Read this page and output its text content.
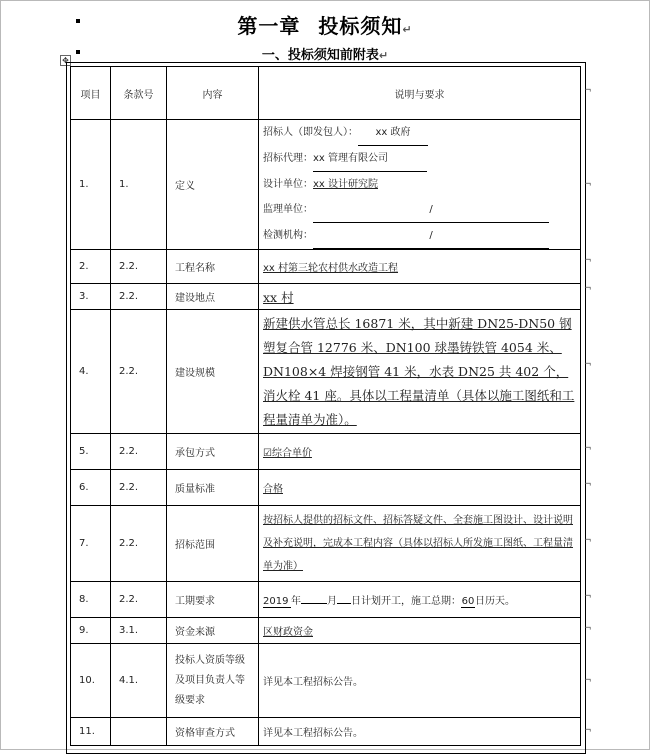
第一章 投标须知↵
一、投标须知前附表↵
✥
项目	条款号	内容	说明与要求
1.	1.	定义	招标人（即发包人）： xx 政府
招标代理：xx 管理有限公司
设计单位：xx 设计研究院
监理单位： /
检测机构： /

2.	2.2.	工程名称	xx 村第三轮农村供水改造工程
3.	2.2.	建设地点	xx 村
4.	2.2.	建设规模	新建供水管总长 16871 米，其中新建 DN25-DN50 钢塑复合管 12776 米、DN100 球墨铸铁管 4054 米、DN108×4 焊接钢管 41 米，水表 DN25 共 402 个，消火栓 41 座。具体以工程量清单（具体以施工图纸和工程量清单为准）。
5.	2.2.	承包方式	☑综合单价
6.	2.2.	质量标准	合格
7.	2.2.	招标范围	按招标人提供的招标文件、招标答疑文件、全套施工图设计、设计说明及补充说明，完成本工程内容（具体以招标人所发施工图纸、工程量清单为准）
8.	2.2.	工期要求	2019 年 月 日计划开工，施工总期：60日历天。
9.	3.1.	资金来源	区财政资金
10.	4.1.	投标人资质等级及项目负责人等级要求	详见本工程招标公告。
11.		资格审查方式	详见本工程招标公告。
¬
¬
¬
¬
¬
¬
¬
¬
¬
¬
¬
¬
